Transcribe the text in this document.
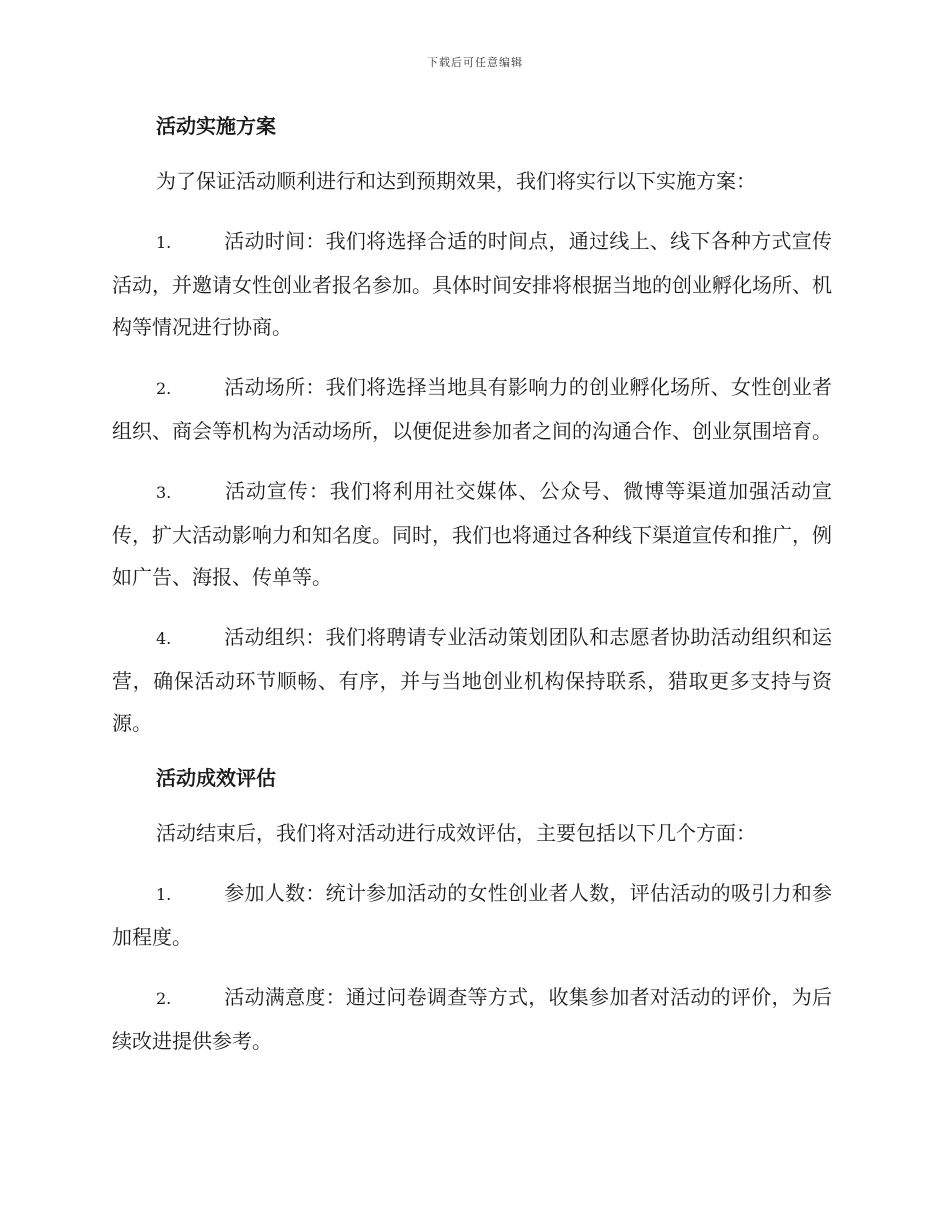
下载后可任意编辑
活动实施方案

为了保证活动顺利进行和达到预期效果，我们将实行以下实施方案：

1.	活动时间：我们将选择合适的时间点，通过线上、线下各种方式宣传活动，并邀请女性创业者报名参加。具体时间安排将根据当地的创业孵化场所、机构等情况进行协商。

2.	活动场所：我们将选择当地具有影响力的创业孵化场所、女性创业者组织、商会等机构为活动场所，以便促进参加者之间的沟通合作、创业氛围培育。

3.	活动宣传：我们将利用社交媒体、公众号、微博等渠道加强活动宣传，扩大活动影响力和知名度。同时，我们也将通过各种线下渠道宣传和推广，例如广告、海报、传单等。

4.	活动组织：我们将聘请专业活动策划团队和志愿者协助活动组织和运营，确保活动环节顺畅、有序，并与当地创业机构保持联系，猎取更多支持与资源。

活动成效评估

活动结束后，我们将对活动进行成效评估，主要包括以下几个方面：

1.	参加人数：统计参加活动的女性创业者人数，评估活动的吸引力和参加程度。

2.	活动满意度：通过问卷调查等方式，收集参加者对活动的评价，为后续改进提供参考。
